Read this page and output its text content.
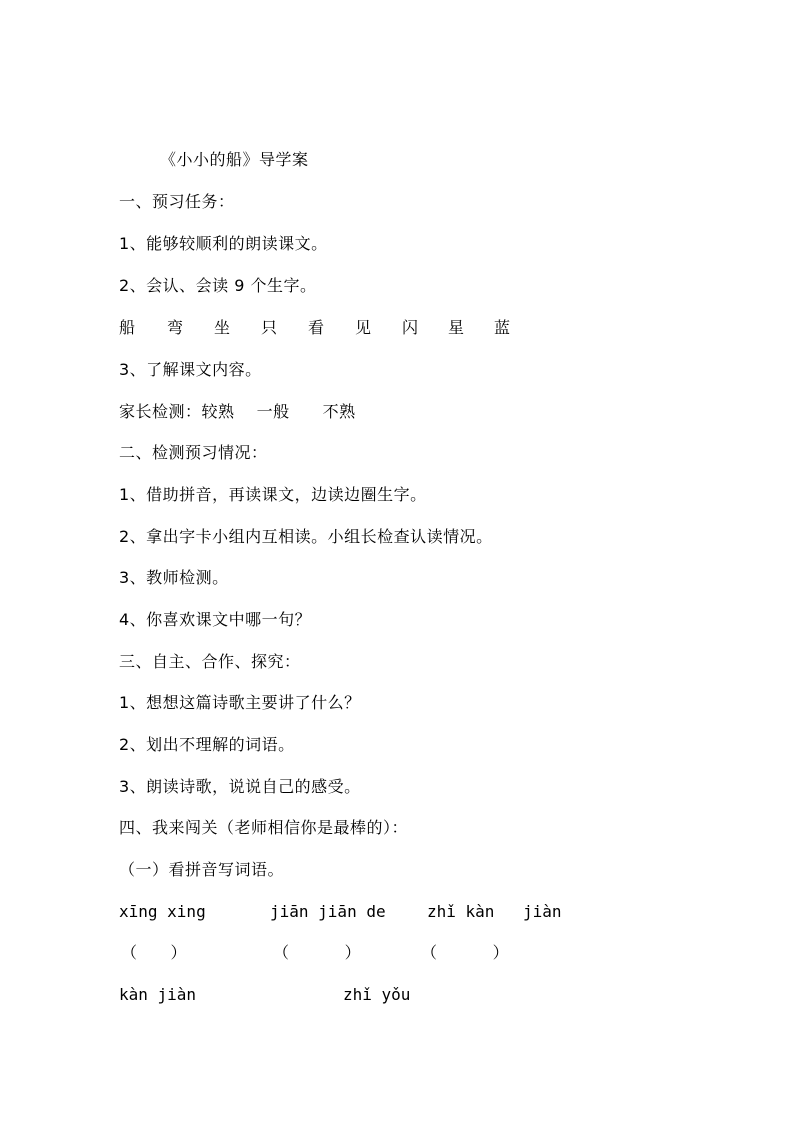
《小小的船》导学案
一、预习任务：
1、能够较顺利的朗读课文。
2、会认、会读 9 个生字。
船 弯 坐 只 看 见 闪 星 蓝
3、了解课文内容。
家长检测：较熟　 一般　　不熟
二、检测预习情况：
1、借助拼音，再读课文，边读边圈生字。
2、拿出字卡小组内互相读。小组长检查认读情况。
3、教师检测。
4、你喜欢课文中哪一句？
三、自主、合作、探究：
1、想想这篇诗歌主要讲了什么？
2、划出不理解的词语。
3、朗读诗歌，说说自己的感受。
四、我来闯关（老师相信你是最棒的）：
（一）看拼音写词语。
xīng xing	jiān jiān de	zhǐ kàn jiàn
（　　）	（　　　 ）	（　　　 ）
kàn jiàn	zhǐ yǒu
